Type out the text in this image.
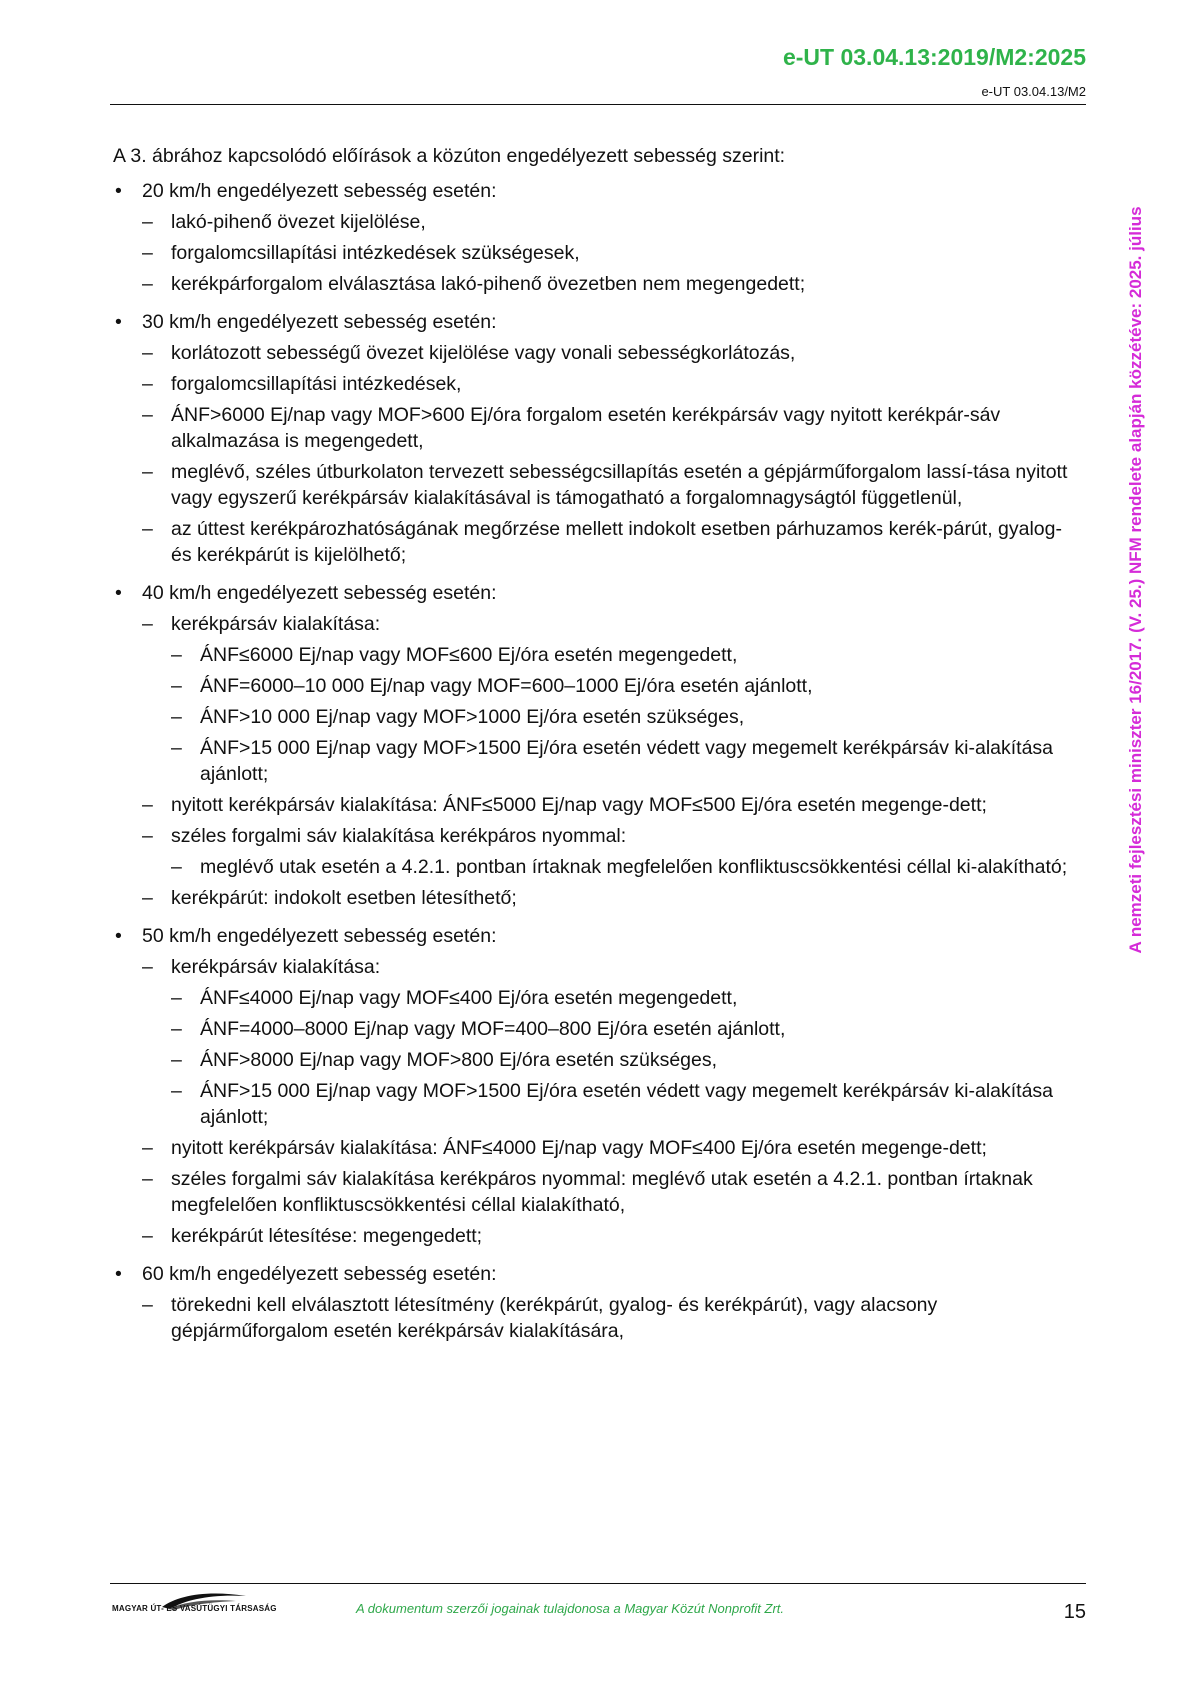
e-UT 03.04.13:2019/M2:2025
e-UT 03.04.13/M2
A nemzeti fejlesztési miniszter 16/2017. (V. 25.) NFM rendelete alapján közzétéve: 2025. július

A 3. ábrához kapcsolódó előírások a közúton engedélyezett sebesség szerint:

• 20 km/h engedélyezett sebesség esetén:
– lakó-pihenő övezet kijelölése,
– forgalomcsillapítási intézkedések szükségesek,
– kerékpárforgalom elválasztása lakó-pihenő övezetben nem megengedett;
• 30 km/h engedélyezett sebesség esetén:
– korlátozott sebességű övezet kijelölése vagy vonali sebességkorlátozás,
– forgalomcsillapítási intézkedések,
– ÁNF>6000 Ej/nap vagy MOF>600 Ej/óra forgalom esetén kerékpársáv vagy nyitott kerékpár-sáv alkalmazása is megengedett,
– meglévő, széles útburkolaton tervezett sebességcsillapítás esetén a gépjárműforgalom lassí-tása nyitott vagy egyszerű kerékpársáv kialakításával is támogatható a forgalomnagyságtól függetlenül,
– az úttest kerékpározhatóságának megőrzése mellett indokolt esetben párhuzamos kerék-párút, gyalog- és kerékpárút is kijelölhető;
• 40 km/h engedélyezett sebesség esetén:
– kerékpársáv kialakítása:
– ÁNF≤6000 Ej/nap vagy MOF≤600 Ej/óra esetén megengedett,
– ÁNF=6000–10 000 Ej/nap vagy MOF=600–1000 Ej/óra esetén ajánlott,
– ÁNF>10 000 Ej/nap vagy MOF>1000 Ej/óra esetén szükséges,
– ÁNF>15 000 Ej/nap vagy MOF>1500 Ej/óra esetén védett vagy megemelt kerékpársáv ki-alakítása ajánlott;
– nyitott kerékpársáv kialakítása: ÁNF≤5000 Ej/nap vagy MOF≤500 Ej/óra esetén megenge-dett;
– széles forgalmi sáv kialakítása kerékpáros nyommal:
– meglévő utak esetén a 4.2.1. pontban írtaknak megfelelően konfliktuscsökkentési céllal ki-alakítható;
– kerékpárút: indokolt esetben létesíthető;
• 50 km/h engedélyezett sebesség esetén:
– kerékpársáv kialakítása:
– ÁNF≤4000 Ej/nap vagy MOF≤400 Ej/óra esetén megengedett,
– ÁNF=4000–8000 Ej/nap vagy MOF=400–800 Ej/óra esetén ajánlott,
– ÁNF>8000 Ej/nap vagy MOF>800 Ej/óra esetén szükséges,
– ÁNF>15 000 Ej/nap vagy MOF>1500 Ej/óra esetén védett vagy megemelt kerékpársáv ki-alakítása ajánlott;
– nyitott kerékpársáv kialakítása: ÁNF≤4000 Ej/nap vagy MOF≤400 Ej/óra esetén megenge-dett;
– széles forgalmi sáv kialakítása kerékpáros nyommal: meglévő utak esetén a 4.2.1. pontban írtaknak megfelelően konfliktuscsökkentési céllal kialakítható,
– kerékpárút létesítése: megengedett;
• 60 km/h engedélyezett sebesség esetén:
– törekedni kell elválasztott létesítmény (kerékpárút, gyalog- és kerékpárút), vagy alacsony gépjárműforgalom esetén kerékpársáv kialakítására,
MAGYAR ÚT- ÉS VASÚTÜGYI TÁRSASÁG	A dokumentum szerzői jogainak tulajdonosa a Magyar Közút Nonprofit Zrt.	15
